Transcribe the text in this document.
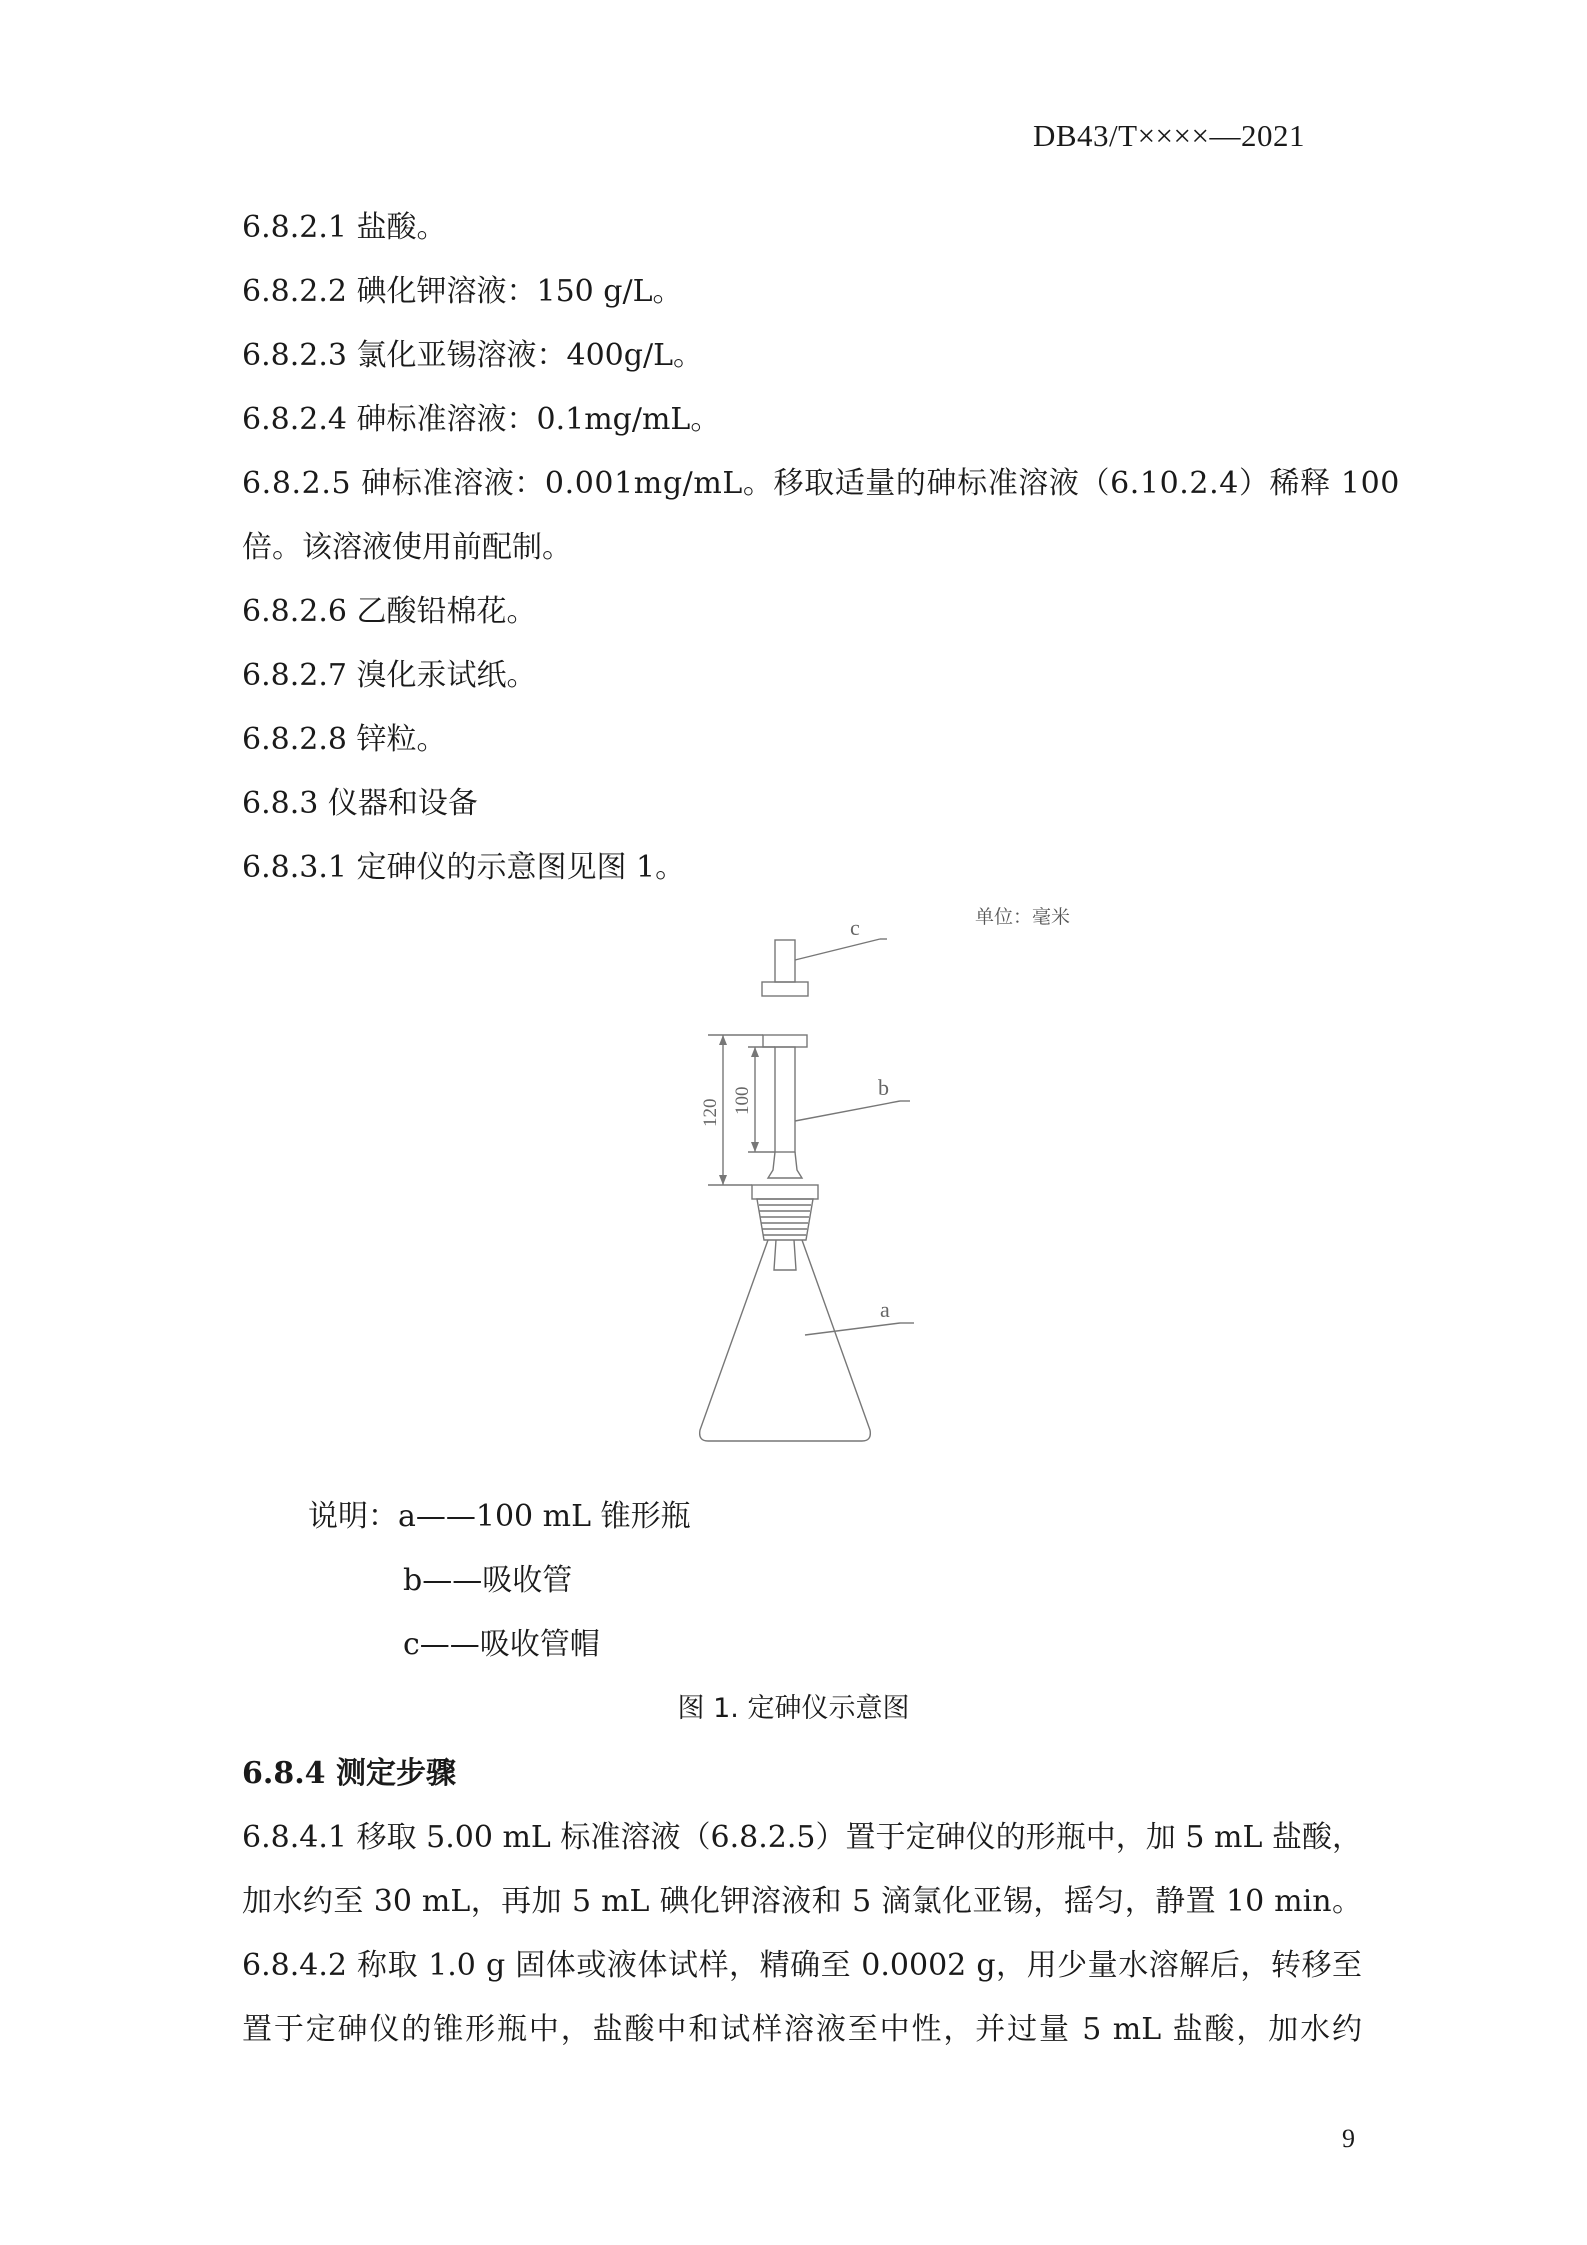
DB43/T××××—2021
6.8.2.1 盐酸。
6.8.2.2 碘化钾溶液：150 g/L。
6.8.2.3 氯化亚锡溶液：400g/L。
6.8.2.4 砷标准溶液：0.1mg/mL。
6.8.2.5 砷标准溶液：0.001mg/mL。移取适量的砷标准溶液（6.10.2.4）稀释 100
倍。该溶液使用前配制。
6.8.2.6 乙酸铅棉花。
6.8.2.7 溴化汞试纸。
6.8.2.8 锌粒。
6.8.3 仪器和设备
6.8.3.1 定砷仪的示意图见图 1。
单位：毫米
c
b
a
120 100
说明：a——100 mL 锥形瓶
b——吸收管
c——吸收管帽
图 1. 定砷仪示意图
6.8.4 测定步骤
6.8.4.1 移取 5.00 mL 标准溶液（6.8.2.5）置于定砷仪的形瓶中，加 5 mL 盐酸，
加水约至 30 mL，再加 5 mL 碘化钾溶液和 5 滴氯化亚锡，摇匀，静置 10 min。
6.8.4.2 称取 1.0 g 固体或液体试样，精确至 0.0002 g，用少量水溶解后，转移至
置于定砷仪的锥形瓶中，盐酸中和试样溶液至中性，并过量 5 mL 盐酸，加水约
9
